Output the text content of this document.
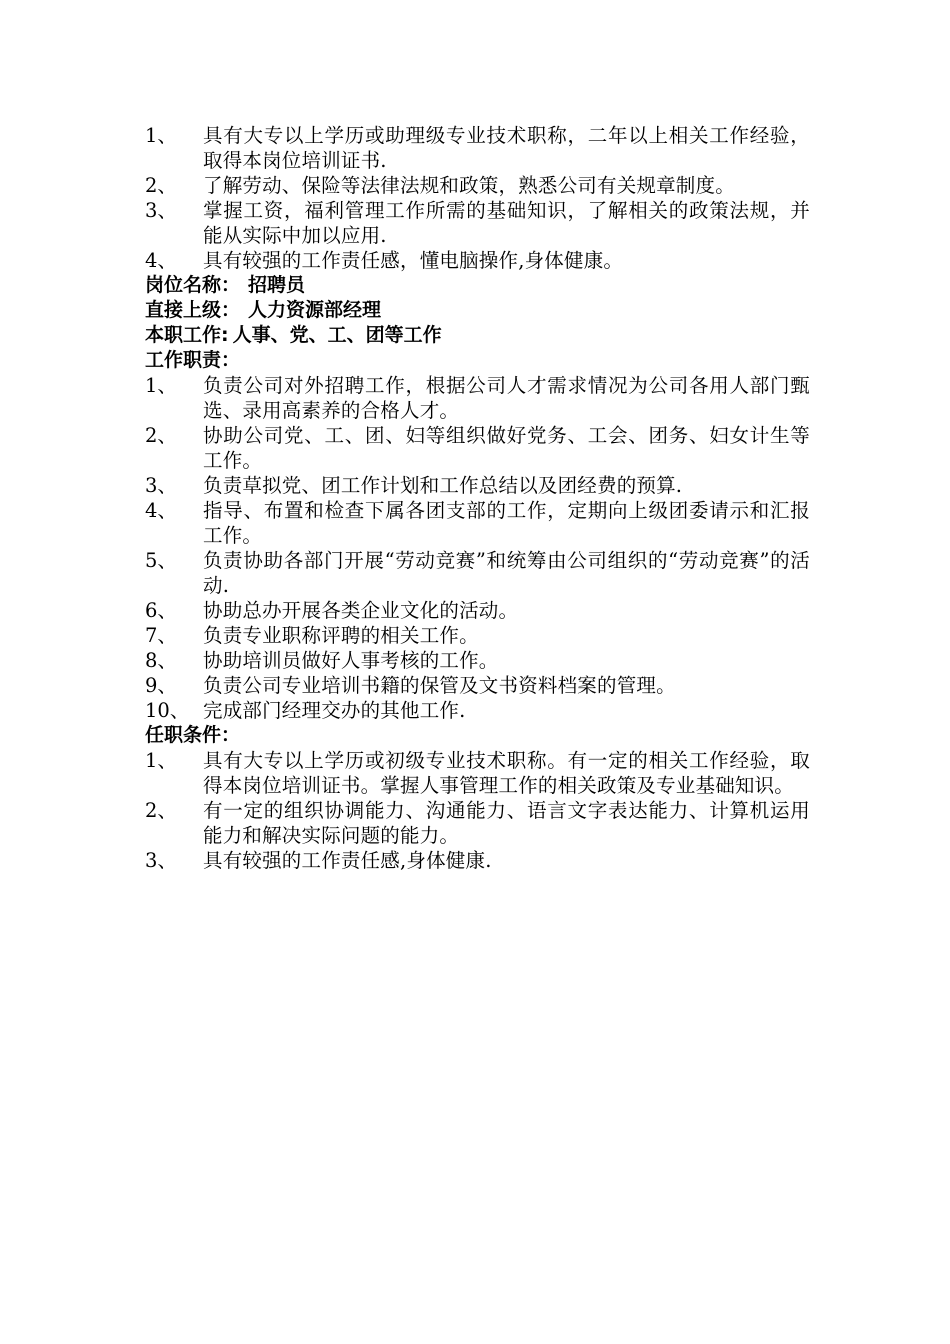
1、	具有大专以上学历或助理级专业技术职称，二年以上相关工作经验，取得本岗位培训证书.
2、	了解劳动、保险等法律法规和政策，熟悉公司有关规章制度。
3、	掌握工资，福利管理工作所需的基础知识，了解相关的政策法规，并能从实际中加以应用.
4、	具有较强的工作责任感，懂电脑操作,身体健康。
岗位名称： 招聘员
直接上级： 人力资源部经理
本职工作: 人事、党、工、团等工作
工作职责：
1、	负责公司对外招聘工作，根据公司人才需求情况为公司各用人部门甄选、录用高素养的合格人才。
2、	协助公司党、工、团、妇等组织做好党务、工会、团务、妇女计生等工作。
3、	负责草拟党、团工作计划和工作总结以及团经费的预算.
4、	指导、布置和检查下属各团支部的工作，定期向上级团委请示和汇报工作。
5、	负责协助各部门开展“劳动竞赛”和统筹由公司组织的“劳动竞赛”的活动.
6、	协助总办开展各类企业文化的活动。
7、	负责专业职称评聘的相关工作。
8、	协助培训员做好人事考核的工作。
9、	负责公司专业培训书籍的保管及文书资料档案的管理。
10、 完成部门经理交办的其他工作.
任职条件：
1、	具有大专以上学历或初级专业技术职称。有一定的相关工作经验，取得本岗位培训证书。掌握人事管理工作的相关政策及专业基础知识。
2、	有一定的组织协调能力、沟通能力、语言文字表达能力、计算机运用能力和解决实际问题的能力。
3、	具有较强的工作责任感,身体健康.
